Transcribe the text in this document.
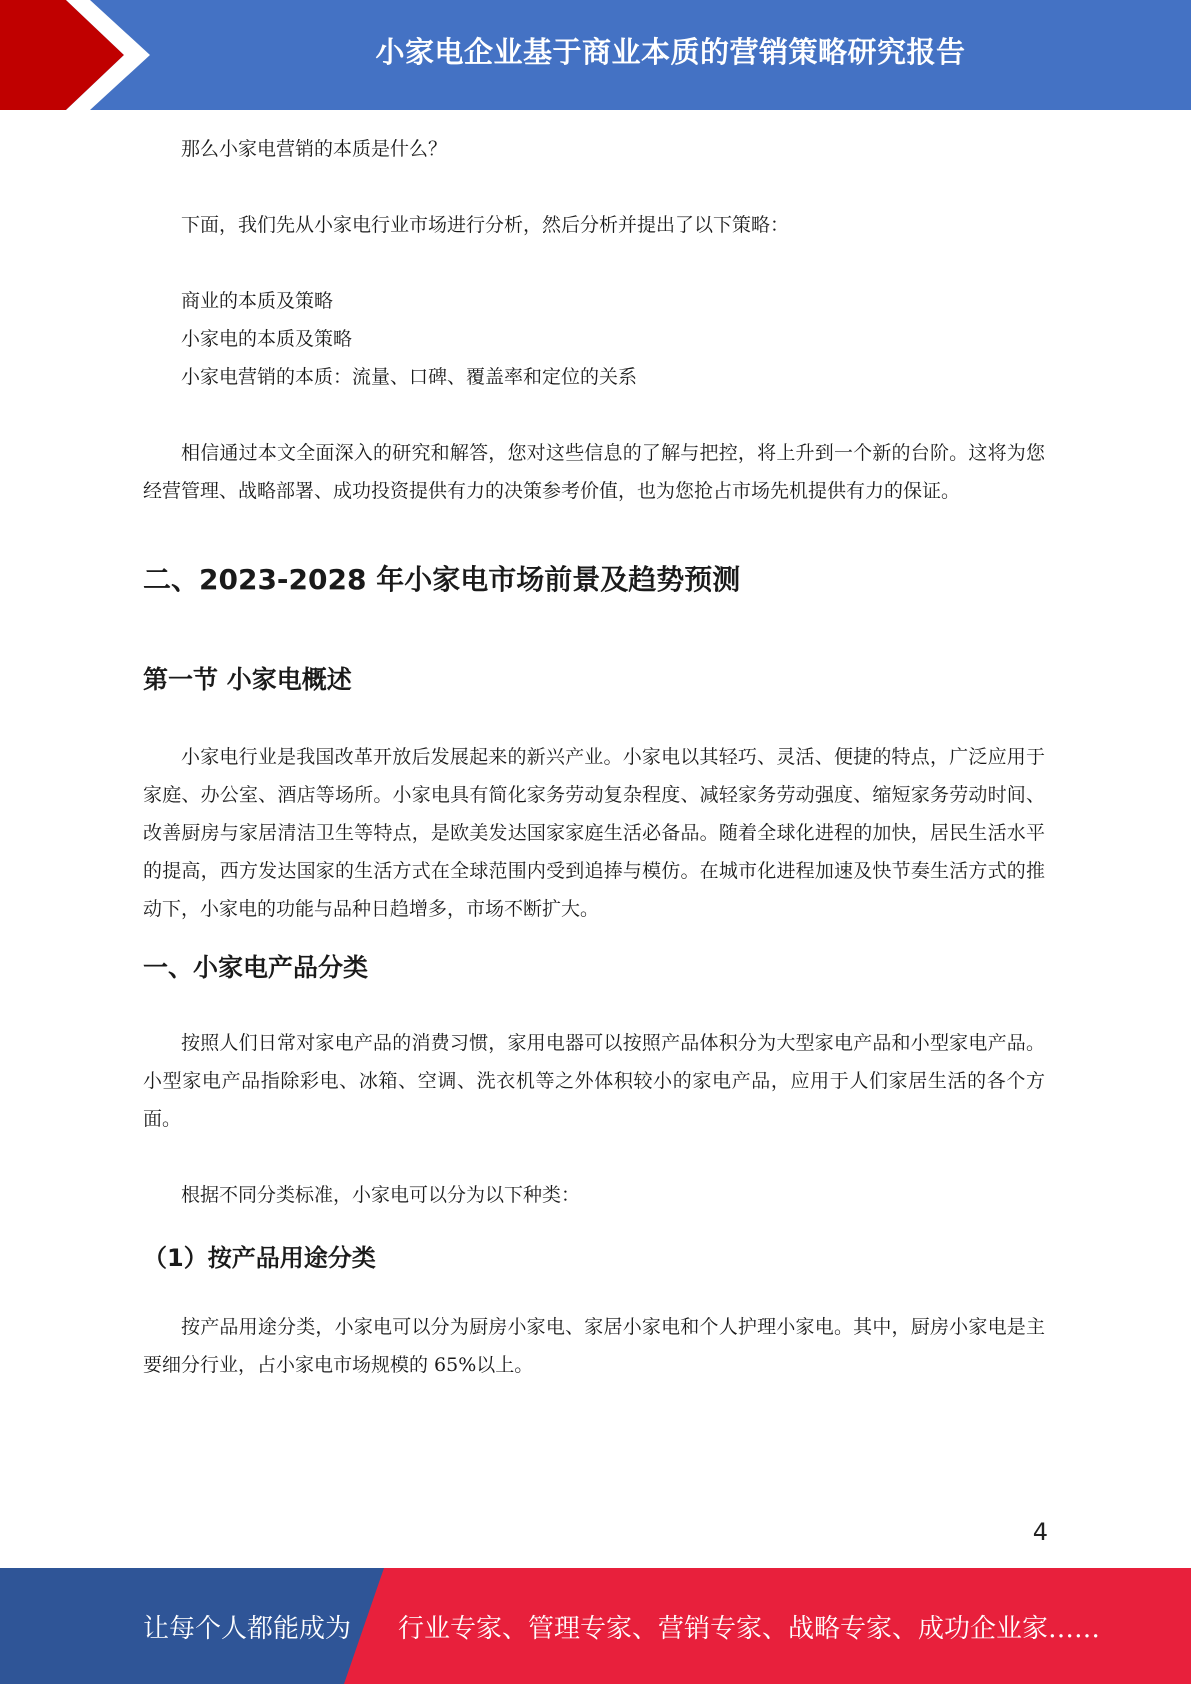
小家电企业基于商业本质的营销策略研究报告

那么小家电营销的本质是什么？

下面，我们先从小家电行业市场进行分析，然后分析并提出了以下策略：

商业的本质及策略
小家电的本质及策略
小家电营销的本质：流量、口碑、覆盖率和定位的关系

相信通过本文全面深入的研究和解答，您对这些信息的了解与把控，将上升到一个新的台阶。这将为您经营管理、战略部署、成功投资提供有力的决策参考价值，也为您抢占市场先机提供有力的保证。

二、2023-2028 年小家电市场前景及趋势预测
第一节 小家电概述

小家电行业是我国改革开放后发展起来的新兴产业。小家电以其轻巧、灵活、便捷的特点，广泛应用于家庭、办公室、酒店等场所。小家电具有简化家务劳动复杂程度、减轻家务劳动强度、缩短家务劳动时间、改善厨房与家居清洁卫生等特点，是欧美发达国家家庭生活必备品。随着全球化进程的加快，居民生活水平的提高，西方发达国家的生活方式在全球范围内受到追捧与模仿。在城市化进程加速及快节奏生活方式的推动下，小家电的功能与品种日趋增多，市场不断扩大。

一、小家电产品分类

按照人们日常对家电产品的消费习惯，家用电器可以按照产品体积分为大型家电产品和小型家电产品。小型家电产品指除彩电、冰箱、空调、洗衣机等之外体积较小的家电产品，应用于人们家居生活的各个方面。

根据不同分类标准，小家电可以分为以下种类：

（1）按产品用途分类

按产品用途分类，小家电可以分为厨房小家电、家居小家电和个人护理小家电。其中，厨房小家电是主要细分行业，占小家电市场规模的 65%以上。

4
让每个人都能成为 行业专家、管理专家、营销专家、战略专家、成功企业家……
